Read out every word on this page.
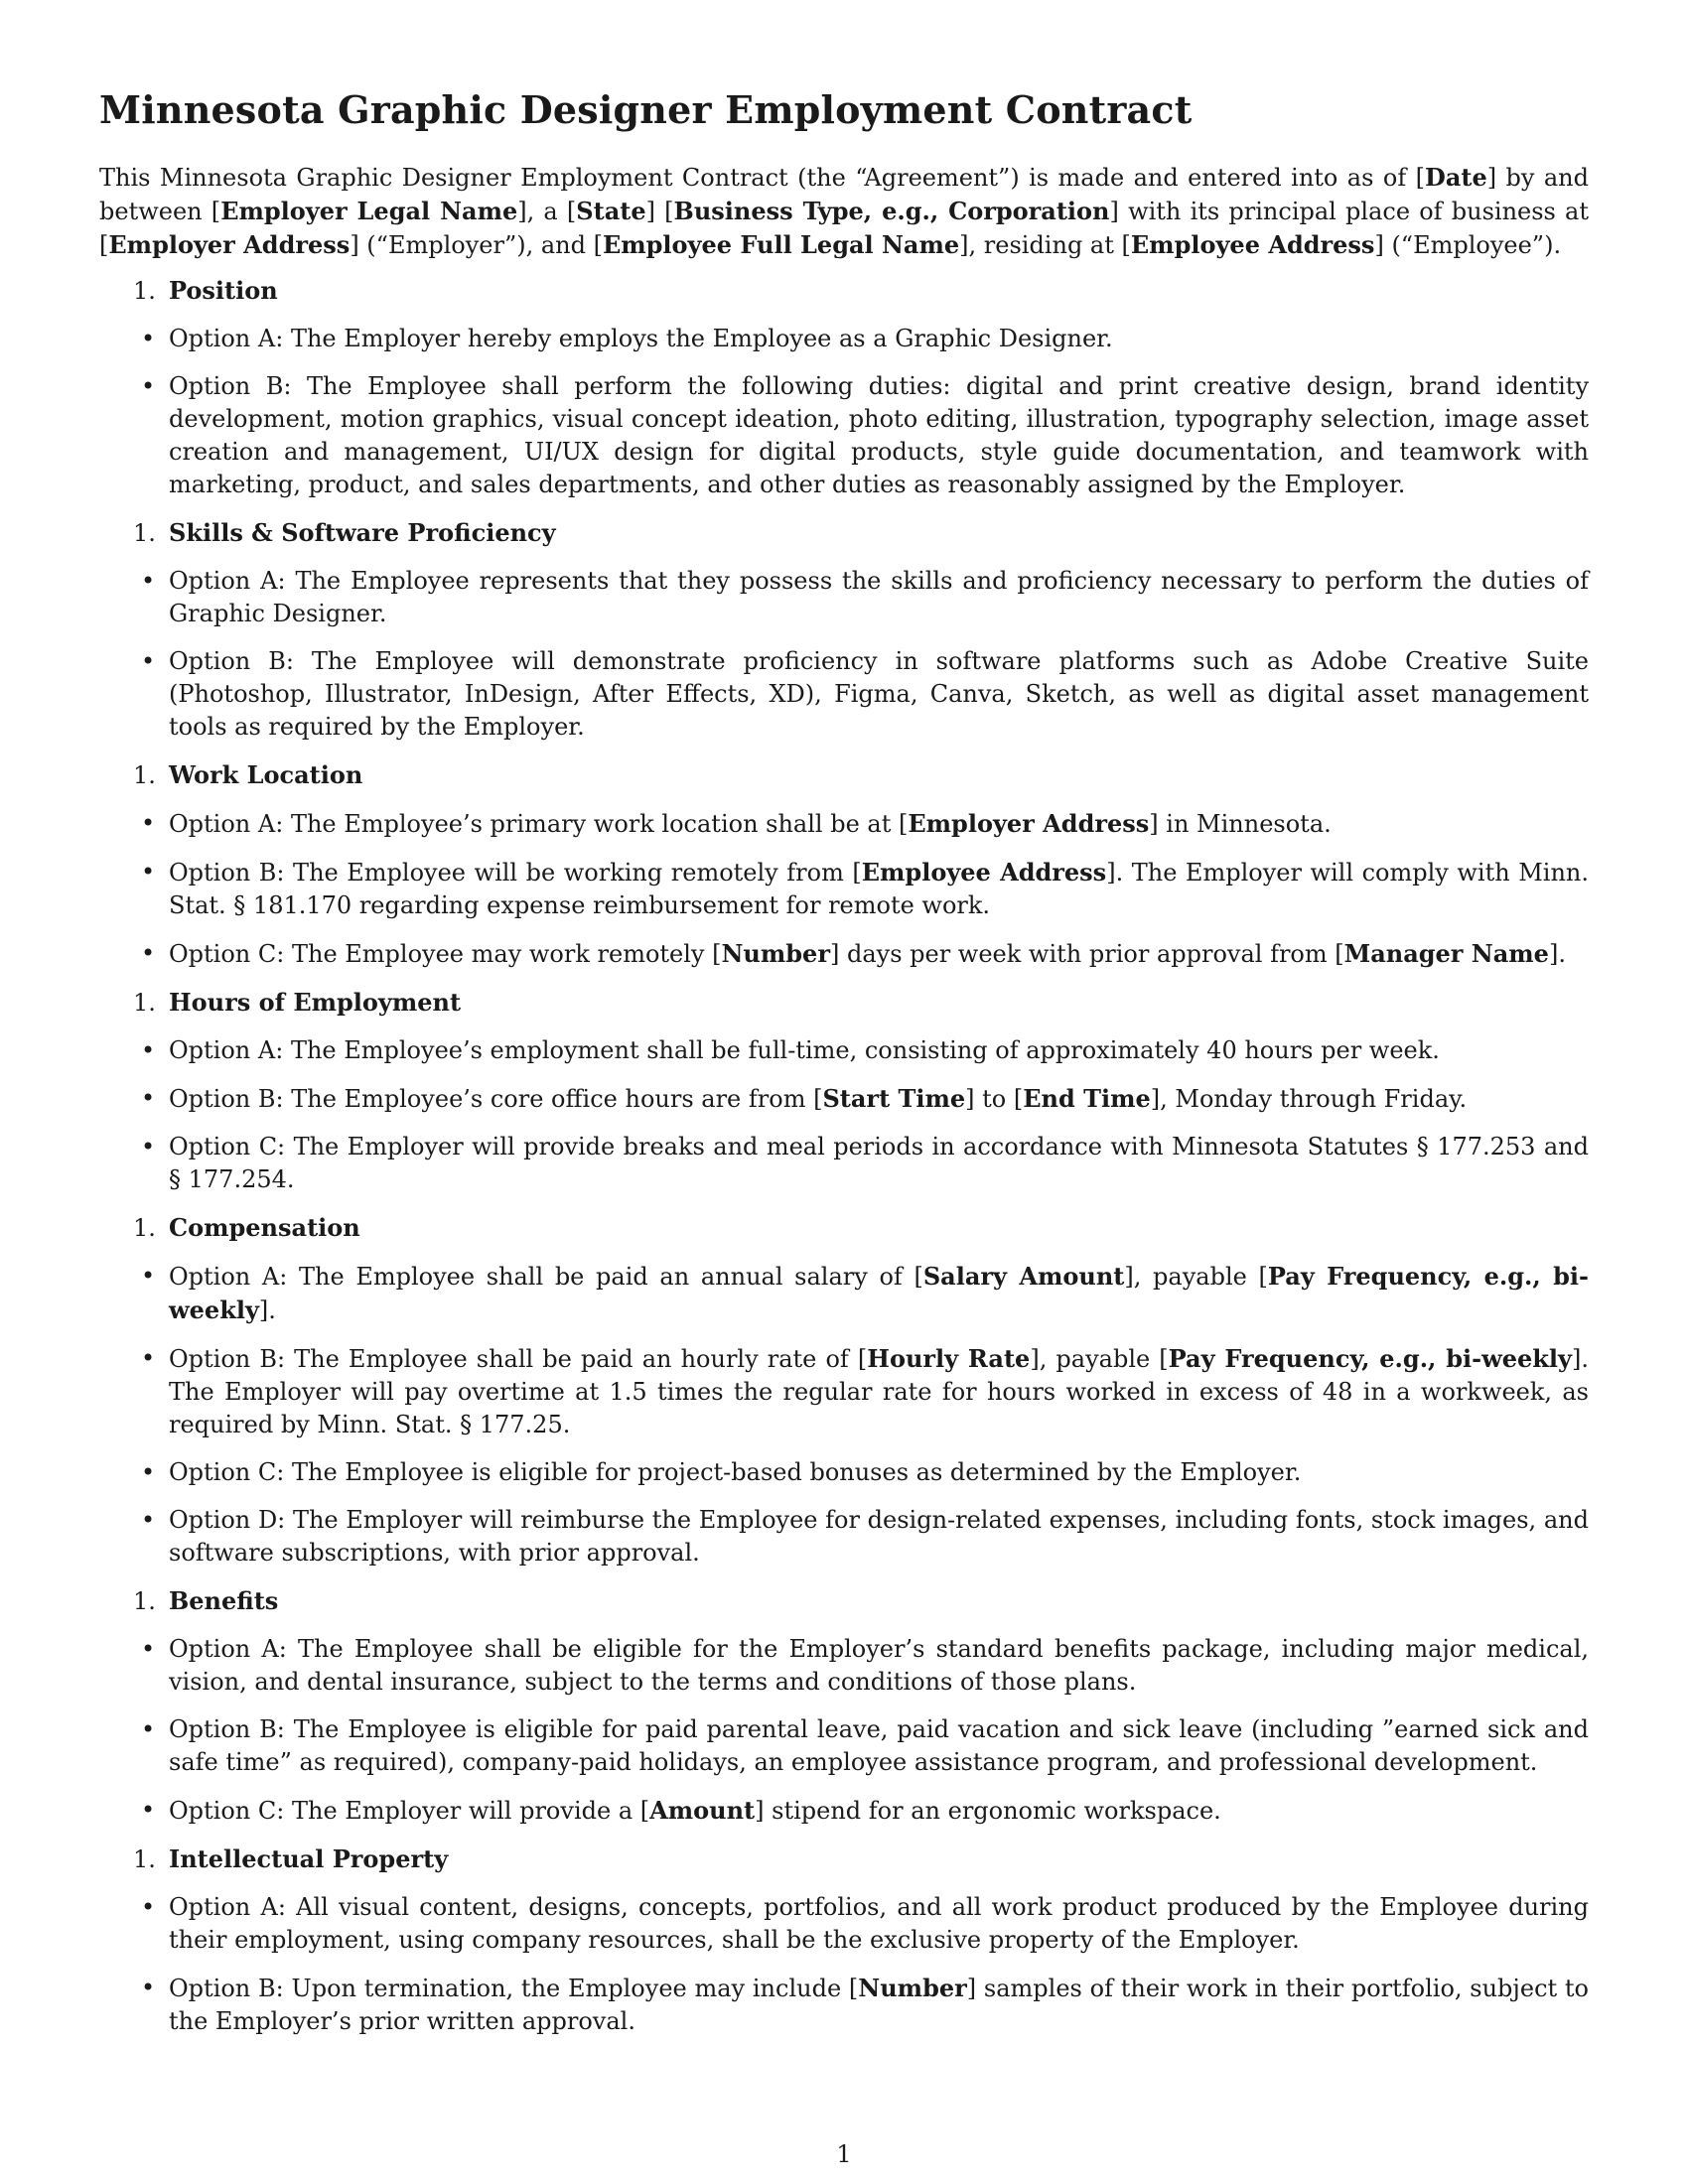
Minnesota Graphic Designer Employment Contract

This Minnesota Graphic Designer Employment Contract (the “Agreement”) is made and entered into as of [Date] by and between [Employer Legal Name], a [State] [Business Type, e.g., Corporation] with its principal place of business at [Employer Address] (“Employer”), and [Employee Full Legal Name], residing at [Employee Address] (“Employee”).

1. Position
• Option A: The Employer hereby employs the Employee as a Graphic Designer.
• Option B: The Employee shall perform the following duties: digital and print creative design, brand identity development, motion graphics, visual concept ideation, photo editing, illustration, typography selection, image asset creation and management, UI/UX design for digital products, style guide documentation, and teamwork with marketing, product, and sales departments, and other duties as reasonably assigned by the Employer.
1. Skills & Software Proficiency
• Option A: The Employee represents that they possess the skills and proficiency necessary to perform the duties of Graphic Designer.
• Option B: The Employee will demonstrate proficiency in software platforms such as Adobe Creative Suite (Photoshop, Illustrator, InDesign, After Effects, XD), Figma, Canva, Sketch, as well as digital asset management tools as required by the Employer.
1. Work Location
• Option A: The Employee’s primary work location shall be at [Employer Address] in Minnesota.
• Option B: The Employee will be working remotely from [Employee Address]. The Employer will comply with Minn. Stat. § 181.170 regarding expense reimbursement for remote work.
• Option C: The Employee may work remotely [Number] days per week with prior approval from [Manager Name].
1. Hours of Employment
• Option A: The Employee’s employment shall be full-time, consisting of approximately 40 hours per week.
• Option B: The Employee’s core office hours are from [Start Time] to [End Time], Monday through Friday.
• Option C: The Employer will provide breaks and meal periods in accordance with Minnesota Statutes § 177.253 and § 177.254.
1. Compensation
• Option A: The Employee shall be paid an annual salary of [Salary Amount], payable [Pay Frequency, e.g., bi-weekly].
• Option B: The Employee shall be paid an hourly rate of [Hourly Rate], payable [Pay Frequency, e.g., bi-weekly]. The Employer will pay overtime at 1.5 times the regular rate for hours worked in excess of 48 in a workweek, as required by Minn. Stat. § 177.25.
• Option C: The Employee is eligible for project-based bonuses as determined by the Employer.
• Option D: The Employer will reimburse the Employee for design-related expenses, including fonts, stock images, and software subscriptions, with prior approval.
1. Benefits
• Option A: The Employee shall be eligible for the Employer’s standard benefits package, including major medical, vision, and dental insurance, subject to the terms and conditions of those plans.
• Option B: The Employee is eligible for paid parental leave, paid vacation and sick leave (including ”earned sick and safe time” as required), company-paid holidays, an employee assistance program, and professional development.
• Option C: The Employer will provide a [Amount] stipend for an ergonomic workspace.
1. Intellectual Property
• Option A: All visual content, designs, concepts, portfolios, and all work product produced by the Employee during their employment, using company resources, shall be the exclusive property of the Employer.
• Option B: Upon termination, the Employee may include [Number] samples of their work in their portfolio, subject to the Employer’s prior written approval.
1
